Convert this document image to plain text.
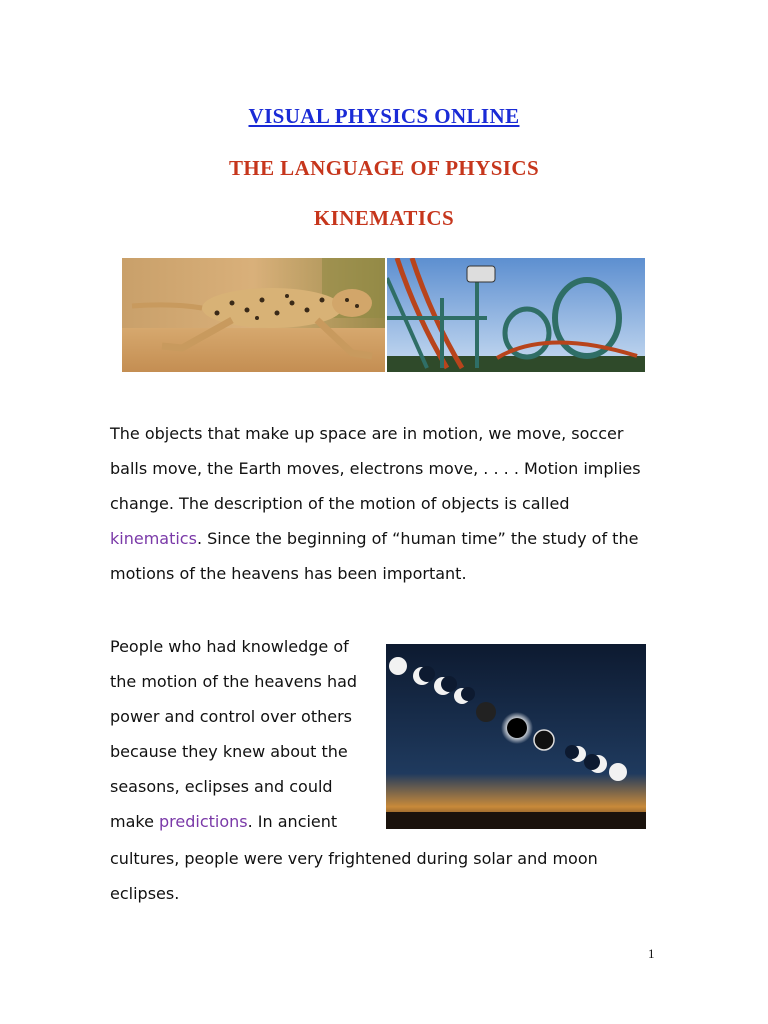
VISUAL PHYSICS ONLINE
THE LANGUAGE OF PHYSICS
KINEMATICS

The objects that make up space are in motion, we move, soccer balls move, the Earth moves, electrons move, . . . . Motion implies change. The description of the motion of objects is called kinematics. Since the beginning of “human time” the study of the motions of the heavens has been important.

People who had knowledge of the motion of the heavens had power and control over others because they knew about the seasons, eclipses and could make predictions. In ancient

cultures, people were very frightened during solar and moon eclipses.

1
